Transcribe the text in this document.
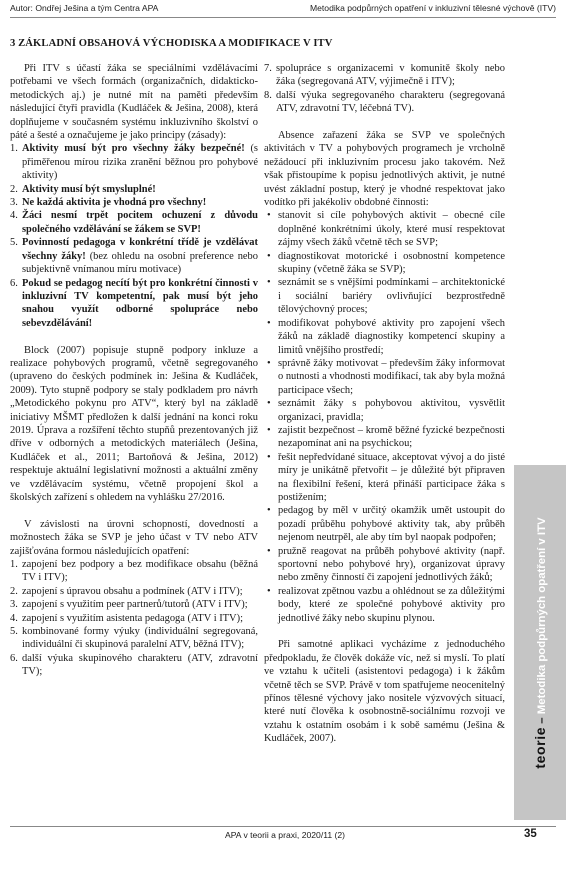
Autor: Ondřej Ješina a tým Centra APA	Metodika podpůrných opatření v inkluzivní tělesné výchově (ITV)
3 ZÁKLADNÍ OBSAHOVÁ VÝCHODISKA A MODIFIKACE V ITV

Při ITV s účastí žáka se speciálními vzdělávacími potřebami ve všech formách (organizačních, didakticko-metodických aj.) je nutné mít na paměti především následující čtyři pravidla (Kudláček & Ješina, 2008), která doplňujeme v současném systému inkluzivního školství o páté a šesté a označujeme je jako principy (zásady):

1. Aktivity musí být pro všechny žáky bezpečné! (s přiměřenou mírou rizika zranění běžnou pro pohybové aktivity)
2. Aktivity musí být smysluplné!
3. Ne každá aktivita je vhodná pro všechny!
4. Žáci nesmí trpět pocitem ochuzení z důvodu společného vzdělávání se žákem se SVP!
5. Povinností pedagoga v konkrétní třídě je vzdělávat všechny žáky! (bez ohledu na osobní preference nebo subjektivně vnímanou míru motivace)
6. Pokud se pedagog necítí být pro konkrétní činnosti v inkluzivní TV kompetentní, pak musí být jeho snahou využít odborné spolupráce nebo sebevzdělávání!

Block (2007) popisuje stupně podpory inkluze a realizace pohybových programů, včetně segregovaného (upraveno do českých podmínek in: Ješina & Kudláček, 2009). Tyto stupně podpory se staly podkladem pro návrh „Metodického pokynu pro ATV“, který byl na základě iniciativy MŠMT předložen k další jednání na konci roku 2019. Úprava a rozšíření těchto stupňů prezentovaných již dříve v odborných a metodických materiálech (Ješina, Kudláček et al., 2011; Bartoňová & Ješina, 2012) respektuje aktuální legislativní možnosti a aktuální změny ve vzdělávacím systému, včetně propojení škol a školských zařízení s ohledem na vyhlášku 27/2016.

V závislosti na úrovni schopností, dovedností a možnostech žáka se SVP je jeho účast v TV nebo ATV zajišťována formou následujících opatření:

1. zapojení bez podpory a bez modifikace obsahu (běžná TV i ITV);
2. zapojení s úpravou obsahu a podmínek (ATV i ITV);
3. zapojení s využitím peer partnerů/tutorů (ATV i ITV);
4. zapojení s využitím asistenta pedagoga (ATV i ITV);
5. kombinované formy výuky (individuální segregovaná, individuální či skupinová paralelní ATV, běžná ITV);
6. další výuka skupinového charakteru (ATV, zdravotní TV);
7. spolupráce s organizacemi v komunitě školy nebo žáka (segregovaná ATV, výjimečně i ITV);
8. další výuka segregovaného charakteru (segregovaná ATV, zdravotní TV, léčebná TV).

Absence zařazení žáka se SVP ve společných aktivitách v TV a pohybových programech je vrcholně nežádoucí při inkluzivním procesu jako takovém. Než však přistoupíme k popisu jednotlivých aktivit, je nutné uvést základní postup, který je vhodné respektovat jako vodítko při jakékoliv obdobné činnosti:

• stanovit si cíle pohybových aktivit – obecné cíle doplněné konkrétními úkoly, které musí respektovat zájmy všech žáků včetně těch se SVP;
• diagnostikovat motorické i osobnostní kompetence skupiny (včetně žáka se SVP);
• seznámit se s vnějšími podmínkami – architektonické i sociální bariéry ovlivňující bezprostředně tělovýchovný proces;
• modifikovat pohybové aktivity pro zapojení všech žáků na základě diagnostiky kompetencí skupiny a limitů vnějšího prostředí;
• správně žáky motivovat – především žáky informovat o nutnosti a vhodnosti modifikací, tak aby byla možná participace všech;
• seznámit žáky s pohybovou aktivitou, vysvětlit organizaci, pravidla;
• zajistit bezpečnost – kromě běžné fyzické bezpečnosti nezapomínat ani na psychickou;
• řešit nepředvídané situace, akceptovat vývoj a do jisté míry je unikátně přetvořit – je důležité být připraven na flexibilní řešení, která přináší participace žáka s postižením;
• pedagog by měl v určitý okamžik umět ustoupit do pozadí průběhu pohybové aktivity tak, aby průběh nejenom neutrpěl, ale aby tím byl naopak podpořen;
• pružně reagovat na průběh pohybové aktivity (např. sportovní nebo pohybové hry), organizovat úpravy nebo změny činností či zapojení jednotlivých žáků;
• realizovat zpětnou vazbu a ohlédnout se za důležitými body, které ze společné pohybové aktivity pro jednotlivé žáky nebo skupinu plynou.

Při samotné aplikaci vycházíme z jednoduchého předpokladu, že člověk dokáže víc, než si myslí. To platí ve vztahu k učiteli (asistentovi pedagoga) i k žákům včetně těch se SVP. Právě v tom spatřujeme neocenitelný přínos tělesné výchovy jako nositele výzvových situací, které nutí člověka k osobnostně-sociálnímu rozvoji ve vztahu k ostatním osobám i k sobě samému (Ješina & Kudláček, 2007).	teorie – Metodika podpůrných opatření v ITV
APA v teorii a praxi, 2020/11 (2)	35
